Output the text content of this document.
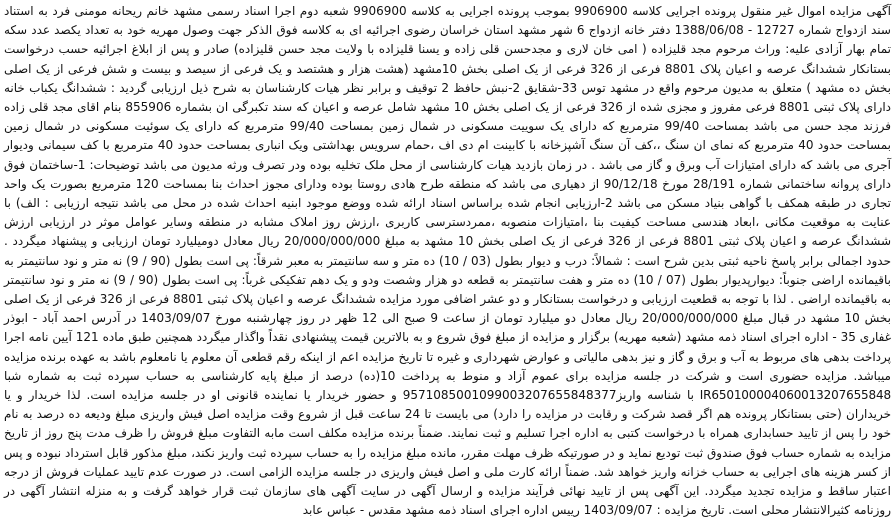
آگهی مزایده اموال غیر منقول پرونده اجرایی کلاسه 9906900 بموجب پرونده اجرایی به کلاسه 9906900 شعبه دوم اجرا اسناد رسمی مشهد خانم ریحانه مومنی فرد به استناد سند ازدواج شماره 12727 - 1388/06/08 دفتر خانه ازدواج 6 شهر مشهد استان خراسان رضوی اجرائیه ای به کلاسه فوق الذکر جهت وصول مهریه خود به تعداد یکصد عدد سکه تمام بهار آزادی علیه: وراث مرحوم مجد قلیزاده ( امی خان لاری و مجدحسن قلی زاده و یسنا قلیزاده با ولایت مجد حسن قلیزاده) صادر و پس از ابلاغ اجرائیه حسب درخواست بستانکار ششدانگ عرصه و اعیان پلاک 8801 فرعی از 326 فرعی از یک اصلی بخش 10مشهد (هشت هزار و هشتصد و یک فرعی از سیصد و بیست و شش فرعی از یک اصلی بخش ده مشهد ) متعلق به مدیون مرحوم واقع در مشهد توس 33-شقایق 2-نبش حافظ 2 توقیف و برابر نظر هیات کارشناسان به شرح ذیل ارزیابی گردید : ششدانگ یکباب خانه دارای پلاک ثبتی 8801 فرعی مفروز و مجزی شده از 326 فرعی از یک اصلی بخش 10 مشهد شامل عرصه و اعیان که سند تکبرگی ان بشماره 855906 بنام اقای مجد قلی زاده فرزند مجد حسن می باشد بمساحت 99/40 مترمربع که دارای یک سوییت مسکونی در شمال زمین بمساحت 99/40 مترمربع که دارای یک سوئیت مسکونی در شمال زمین بمساحت حدود 40 مترمربع که نمای ان سنگ ،،کف آن سنگ آشپزخانه با کابینت ام دی اف ،حمام سرویس بهداشتی ویک انباری بمساحت حدود 40 مترمربع با کف سیمانی ودیوار آجری می باشد که دارای امتیازات آب وبرق و گاز می باشد . در زمان بازدید هیات کارشناسی از محل ملک تخلیه بوده ودر تصرف ورثه مدیون می باشد توضیحات: 1-ساختمان فوق دارای پروانه ساختمانی شماره 28/191 مورخ 90/12/18 از دهیاری می باشد که منطقه طرح هادی روستا بوده ودارای مجوز احداث بنا بمساحت 120 مترمربع بصورت یک واحد تجاری در طبقه همکف با گواهی بنیاد مسکن می باشد 2-ارزیابی انجام شده براساس اسناد ارائه شده ووضع موجود ابنیه احداث شده در محل می باشد نتیجه ارزیابی : الف) با عنایت به موقعیت مکانی ،ابعاد هندسی مساحت کیفیت بنا ،امتیازات منصوبه ،ممردسترسی کاربری ،ارزش روز املاک مشابه در منطقه وسایر عوامل موثر در ارزیابی ارزش ششدانگ عرصه و اعیان پلاک ثبتی 8801 فرعی از 326 فرعی از یک اصلی بخش 10 مشهد به مبلغ 20/000/000/000 ریال معادل دومیلیارد تومان ارزیابی و پیشنهاد میگردد . حدود اجمالی برابر پاسخ ناحیه ثبتی بدین شرح است : شمالاً: درب و دیوار بطول (03 / 10) ده متر و سه سانتیمتر به معبر شرقاً: پی است بطول (90 / 9) نه متر و نود سانتیمتر به باقیمانده اراضی جنوباً: دیوارپدیوار بطول (07 / 10) ده متر و هفت سانتیمتر به قطعه دو هزار وشصت ودو و یک دهم تفکیکی غرباً: پی است بطول (90 / 9) نه متر و نود سانتیمتر به باقیمانده اراضی . لذا با توجه به قطعیت ارزیابی و درخواست بستانکار و دو عشر اضافی مورد مزایده ششدانگ عرصه و اعیان پلاک ثبتی 8801 فرعی از 326 فرعی از یک اصلی بخش 10 مشهد در قبال مبلغ 20/000/000/000 ریال معادل دو میلیارد تومان از ساعت 9 صبح الی 12 ظهر در روز چهارشنبه مورخ 1403/09/07 در آدرس احمد آباد - ابوذر غفاری 35 - اداره اجرای اسناد ذمه مشهد (شعبه مهریه) برگزار و مزایده از مبلغ فوق شروع و به بالاترین قیمت پیشنهادی نقداً واگذار میگردد همچنین طبق ماده 121 آیین نامه اجرا پرداخت بدهی های مربوط به آب و برق و گاز و نیز بدهی مالیاتی و عوارض شهرداری و غیره تا تاریخ مزایده اعم از اینکه رقم قطعی آن معلوم یا نامعلوم باشد به عهده برنده مزایده میباشد. مزایده حضوری است و شرکت در جلسه مزایده برای عموم آزاد و منوط به پرداخت 10(ده) درصد از مبلغ پایه کارشناسی به حساب سپرده ثبت به شماره شبا IR650100004060013207655848 با شناسه واریز9571085001099003207655848377 و حضور خریدار یا نماینده قانونی او در جلسه مزایده است. لذا خریدار و یا خریداران (حتی بستانکار پرونده هم اگر قصد شرکت و رقابت در مزایده را دارد) می بایست تا 24 ساعت قبل از شروع وقت مزایده اصل فیش واریزی مبلغ ودیعه ده درصد به نام خود را پس از تایید حسابداری همراه با درخواست کتبی به اداره اجرا تسلیم و ثبت نمایند. ضمناً برنده مزایده مکلف است مابه التفاوت مبلغ فروش را ظرف مدت پنج روز از تاریخ مزایده به شماره حساب فوق صندوق ثبت تودیع نماید و در صورتیکه ظرف مهلت مقرر، مانده مبلغ مزایده را به حساب سپرده ثبت واریز نکند، مبلغ مذکور قابل استرداد نبوده و پس از کسر هزینه های اجرایی به حساب خزانه واریز خواهد شد. ضمناً ارائه کارت ملی و اصل فیش واریزی در جلسه مزایده الزامی است. در صورت عدم تایید عملیات فروش از درجه اعتبار ساقط و مزایده تجدید میگردد. این آگهی پس از تایید نهائی فرآیند مزایده و ارسال آگهی در سایت آگهی های سازمان ثبت قرار خواهد گرفت و به منزله انتشار آگهی در روزنامه کثیرالانتشار محلی است. تاریخ مزایده : 1403/09/07 رییس اداره اجرای اسناد ذمه مشهد مقدس - عباس عابد
